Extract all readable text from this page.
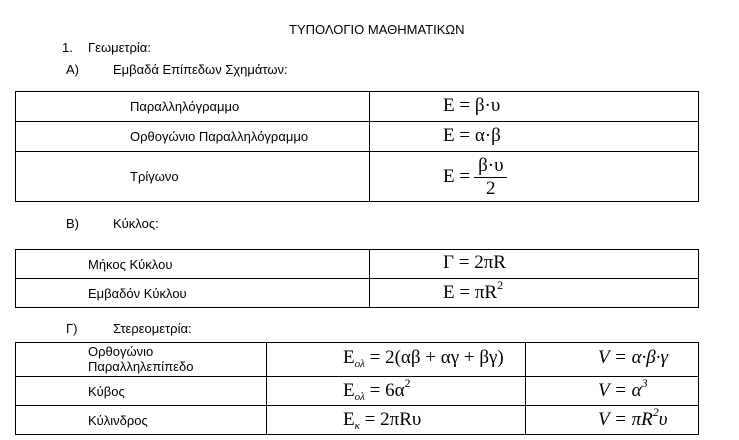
ΤΥΠΟΛΟΓΙΟ ΜΑΘΗΜΑΤΙΚΩΝ
1. Γεωμετρία:
Α)	Εμβαδά Επίπεδων Σχημάτων:
Παραλληλόγραμμο	Ε = β·υ

Ορθογώνιο Παραλληλόγραμμο	Ε = α·β

Τρίγωνο	$E = \frac{\beta\cdot\upsilon}{2}$
Β)	Κύκλος:
Μήκος Κύκλου	Γ = 2πR

Εμβαδόν Κύκλου	$E = \pi R^2$
Γ)	Στερεομετρία:
Ορθογώνιο
Παραλληλεπίπεδο	$E_{o\lambda} = 2(\alpha\beta + \alpha\gamma + \beta\gamma)$	V = α·β·γ

Κύβος	$E_{o\lambda} = 6\alpha^2$	$V = \alpha^3$

Κύλινδρος	$E_\kappa = 2\pi R\upsilon$	$V = \pi R^2\upsilon$
